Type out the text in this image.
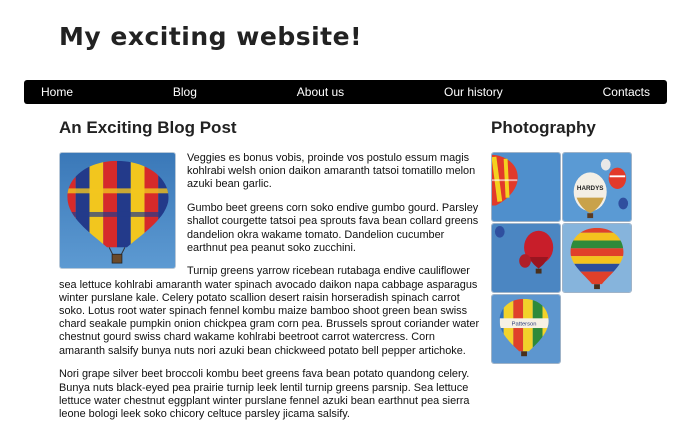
My exciting website!
Home	Blog	About us	Our history	Contacts
An Exciting Blog Post	Photography

Veggies es bonus vobis, proinde vos postulo essum magis kohlrabi welsh onion daikon amaranth tatsoi tomatillo melon azuki bean garlic.

Gumbo beet greens corn soko endive gumbo gourd. Parsley shallot courgette tatsoi pea sprouts fava bean collard greens dandelion okra wakame tomato. Dandelion cucumber earthnut pea peanut soko zucchini.

Turnip greens yarrow ricebean rutabaga endive cauliflower sea lettuce kohlrabi amaranth water spinach avocado daikon napa cabbage asparagus winter purslane kale. Celery potato scallion desert raisin horseradish spinach carrot soko. Lotus root water spinach fennel kombu maize bamboo shoot green bean swiss chard seakale pumpkin onion chickpea gram corn pea. Brussels sprout coriander water chestnut gourd swiss chard wakame kohlrabi beetroot carrot watercress. Corn amaranth salsify bunya nuts nori azuki bean chickweed potato bell pepper artichoke.

Nori grape silver beet broccoli kombu beet greens fava bean potato quandong celery. Bunya nuts black-eyed pea prairie turnip leek lentil turnip greens parsnip. Sea lettuce lettuce water chestnut eggplant winter purslane fennel azuki bean earthnut pea sierra leone bologi leek soko chicory celtuce parsley jicama salsify.

HARDYS
Patterson
